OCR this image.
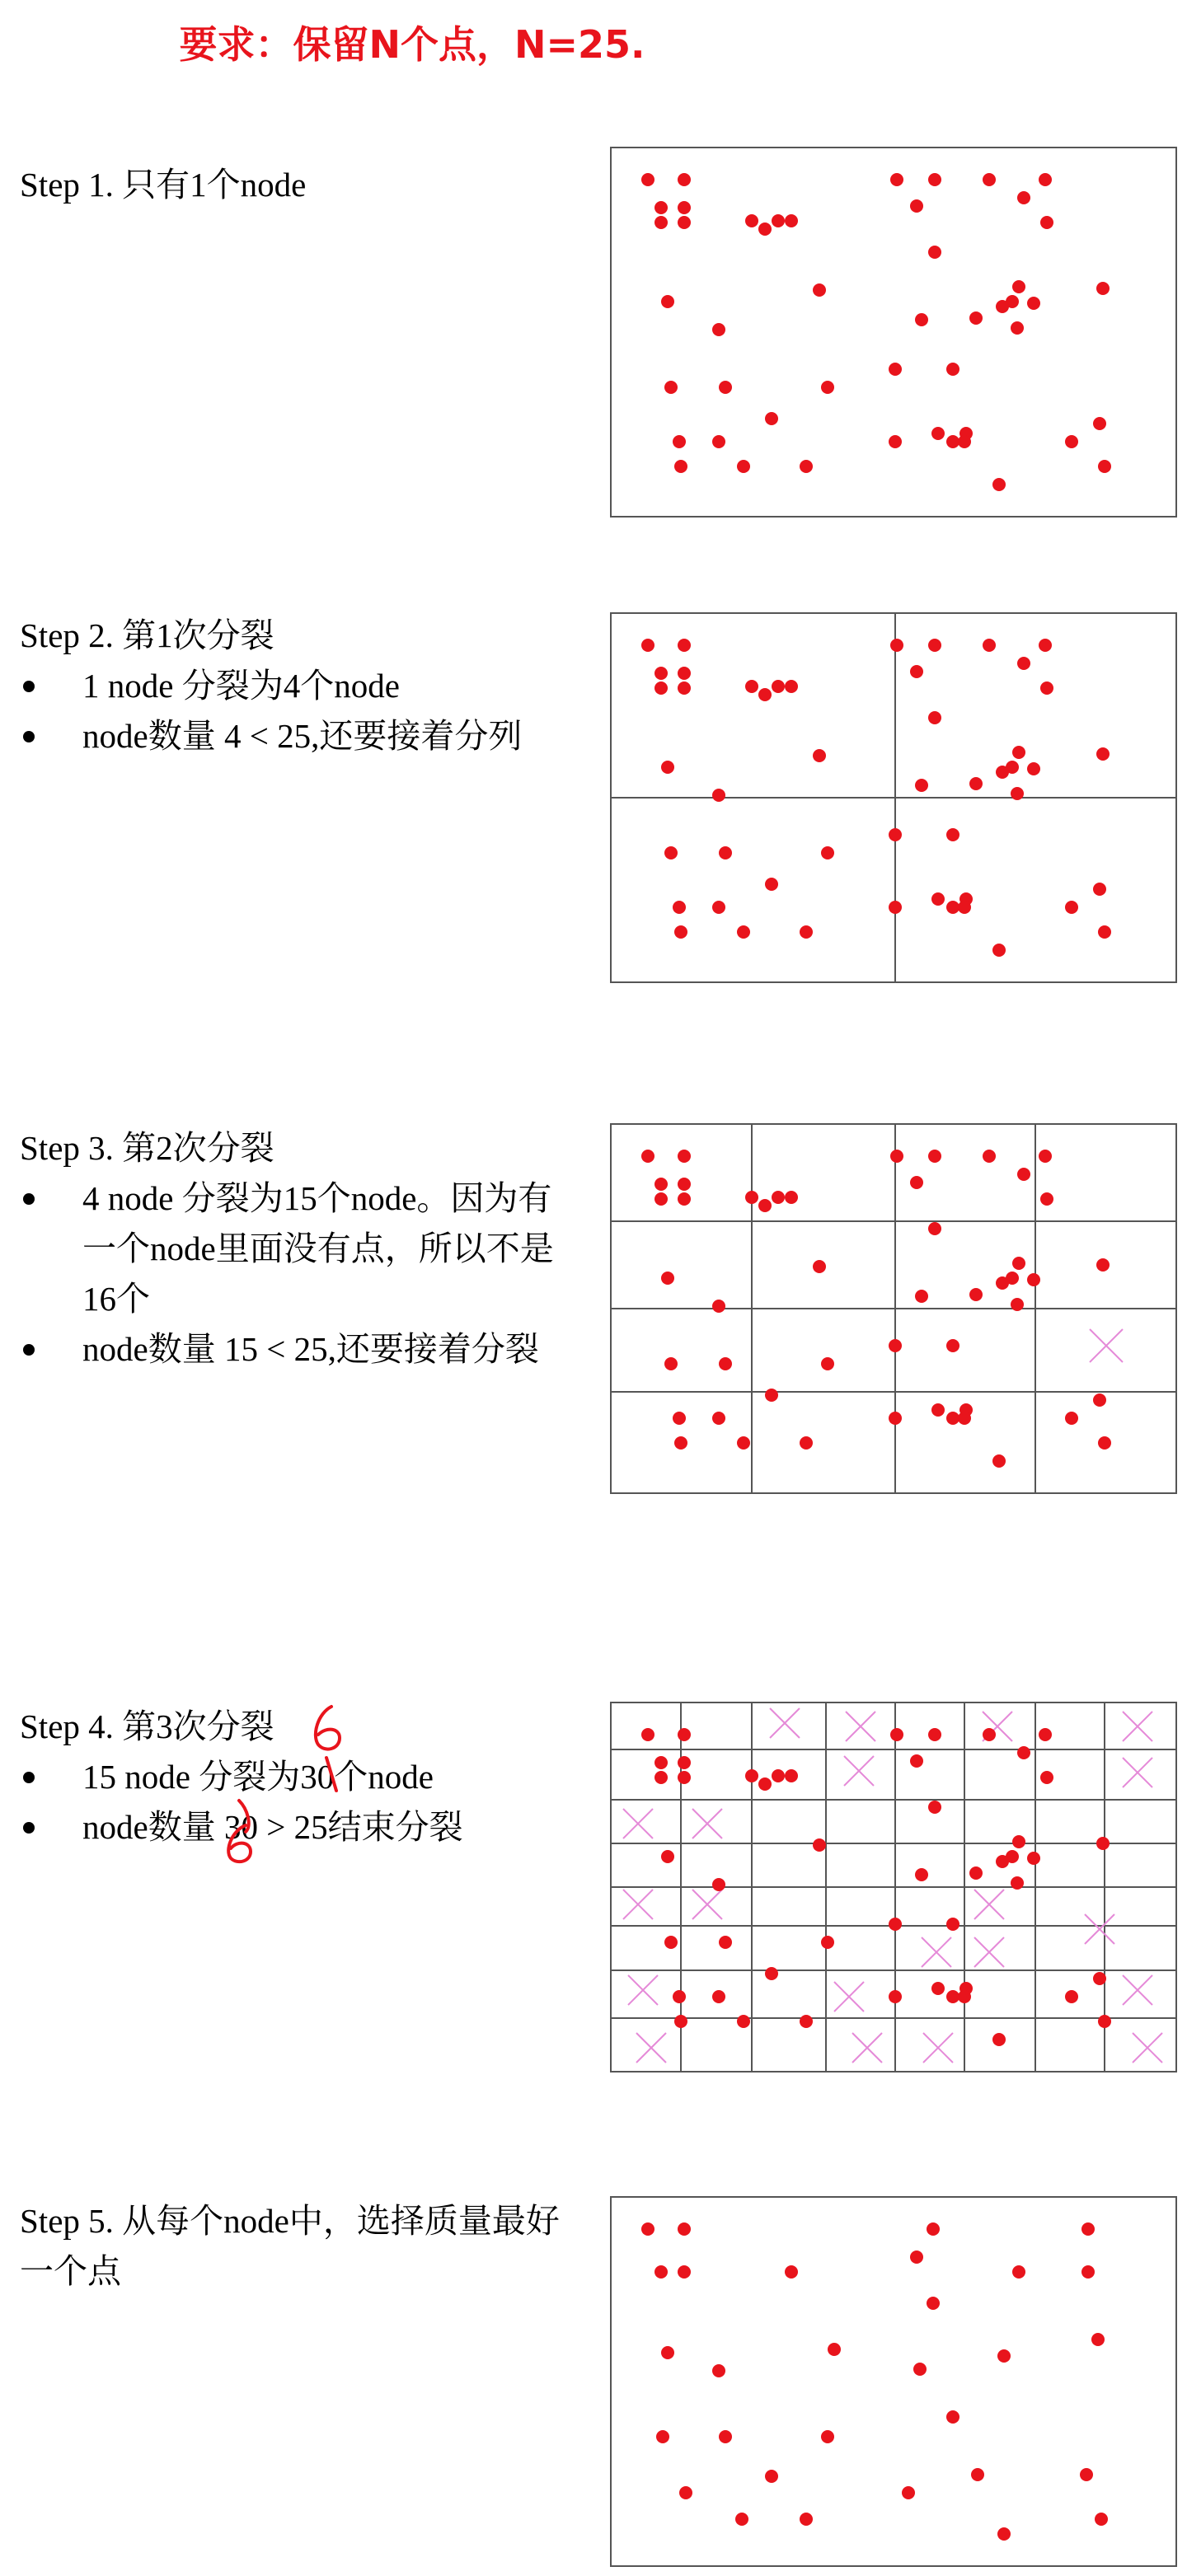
要求：保留N个点，N=25.
Step 1. 只有1个node
Step 2. 第1次分裂
1 node 分裂为4个node
node数量 4 < 25,还要接着分列
Step 3. 第2次分裂
4 node 分裂为15个node。因为有一个node里面没有点，所以不是16个
node数量 15 < 25,还要接着分裂
Step 4. 第3次分裂
15 node 分裂为30个node
node数量 30 > 25结束分裂
Step 5. 从每个node中，选择质量最好一个点
